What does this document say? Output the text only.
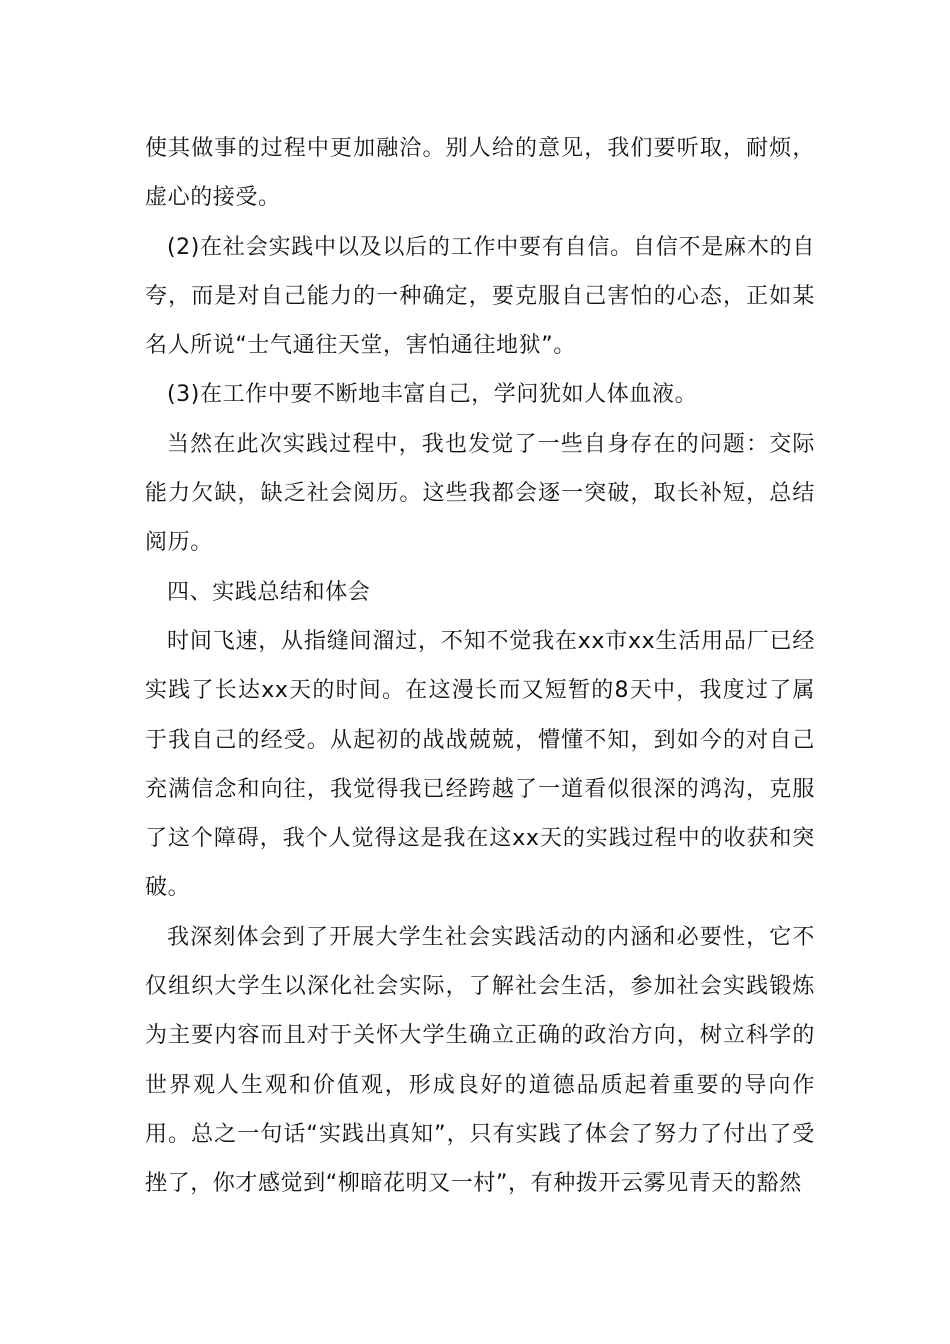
使其做事的过程中更加融洽。别人给的意见，我们要听取，耐烦，虚心的接受。

(2)在社会实践中以及以后的工作中要有自信。自信不是麻木的自夸，而是对自己能力的一种确定，要克服自己害怕的心态，正如某名人所说“士气通往天堂，害怕通往地狱”。

(3)在工作中要不断地丰富自己，学问犹如人体血液。

当然在此次实践过程中，我也发觉了一些自身存在的问题：交际能力欠缺，缺乏社会阅历。这些我都会逐一突破，取长补短，总结阅历。

四、实践总结和体会

时间飞速，从指缝间溜过，不知不觉我在xx市xx生活用品厂已经实践了长达xx天的时间。在这漫长而又短暂的8天中，我度过了属于我自己的经受。从起初的战战兢兢，懵懂不知，到如今的对自己充满信念和向往，我觉得我已经跨越了一道看似很深的鸿沟，克服了这个障碍，我个人觉得这是我在这xx天的实践过程中的收获和突破。

我深刻体会到了开展大学生社会实践活动的内涵和必要性，它不仅组织大学生以深化社会实际，了解社会生活，参加社会实践锻炼为主要内容而且对于关怀大学生确立正确的政治方向，树立科学的世界观人生观和价值观，形成良好的道德品质起着重要的导向作用。总之一句话“实践出真知”，只有实践了体会了努力了付出了受挫了，你才感觉到“柳暗花明又一村”，有种拨开云雾见青天的豁然
